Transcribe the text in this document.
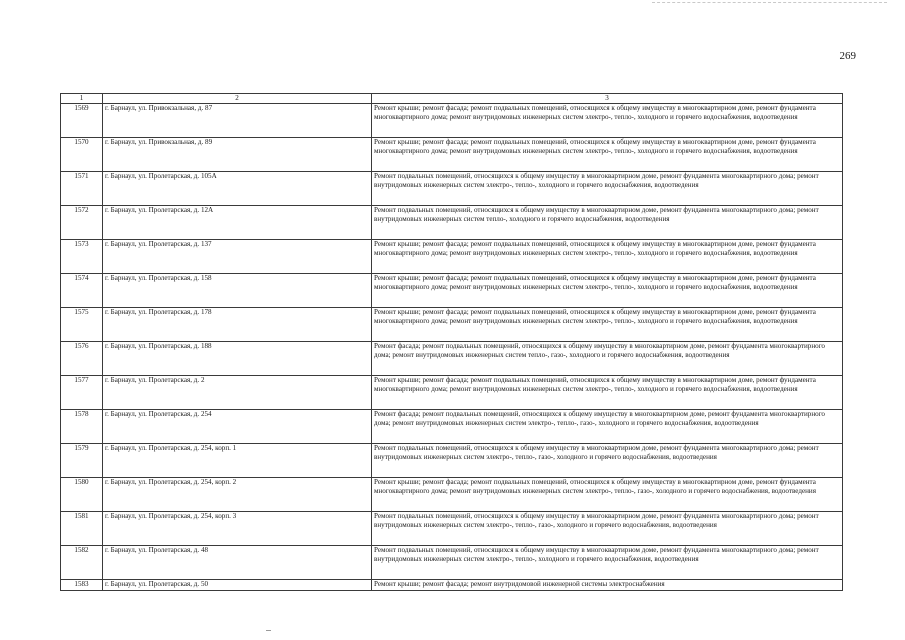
269
1	2	3
1569	г. Барнаул, ул. Привокзальная, д. 87	Ремонт крыши; ремонт фасада; ремонт подвальных помещений, относящихся к общему имуществу в многоквартирном доме, ремонт фундамента многоквартирного дома; ремонт внутридомовых инженерных систем электро-, тепло-, холодного и горячего водоснабжения, водоотведения
1570	г. Барнаул, ул. Привокзальная, д. 89	Ремонт крыши; ремонт фасада; ремонт подвальных помещений, относящихся к общему имуществу в многоквартирном доме, ремонт фундамента многоквартирного дома; ремонт внутридомовых инженерных систем электро-, тепло-, холодного и горячего водоснабжения, водоотведения
1571	г. Барнаул, ул. Пролетарская, д. 105А	Ремонт подвальных помещений, относящихся к общему имуществу в многоквартирном доме, ремонт фундамента многоквартирного дома; ремонт внутридомовых инженерных систем электро-, тепло-, холодного и горячего водоснабжения, водоотведения
1572	г. Барнаул, ул. Пролетарская, д. 12А	Ремонт подвальных помещений, относящихся к общему имуществу в многоквартирном доме, ремонт фундамента многоквартирного дома; ремонт внутридомовых инженерных систем тепло-, холодного и горячего водоснабжения, водоотведения
1573	г. Барнаул, ул. Пролетарская, д. 137	Ремонт крыши; ремонт фасада; ремонт подвальных помещений, относящихся к общему имуществу в многоквартирном доме, ремонт фундамента многоквартирного дома; ремонт внутридомовых инженерных систем электро-, тепло-, холодного и горячего водоснабжения, водоотведения
1574	г. Барнаул, ул. Пролетарская, д. 158	Ремонт крыши; ремонт фасада; ремонт подвальных помещений, относящихся к общему имуществу в многоквартирном доме, ремонт фундамента многоквартирного дома; ремонт внутридомовых инженерных систем электро-, тепло-, холодного и горячего водоснабжения, водоотведения
1575	г. Барнаул, ул. Пролетарская, д. 178	Ремонт крыши; ремонт фасада; ремонт подвальных помещений, относящихся к общему имуществу в многоквартирном доме, ремонт фундамента многоквартирного дома; ремонт внутридомовых инженерных систем электро-, тепло-, холодного и горячего водоснабжения, водоотведения
1576	г. Барнаул, ул. Пролетарская, д. 188	Ремонт фасада; ремонт подвальных помещений, относящихся к общему имуществу в многоквартирном доме, ремонт фундамента многоквартирного дома; ремонт внутридомовых инженерных систем тепло-, газо-, холодного и горячего водоснабжения, водоотведения
1577	г. Барнаул, ул. Пролетарская, д. 2	Ремонт крыши; ремонт фасада; ремонт подвальных помещений, относящихся к общему имуществу в многоквартирном доме, ремонт фундамента многоквартирного дома; ремонт внутридомовых инженерных систем электро-, тепло-, холодного и горячего водоснабжения, водоотведения
1578	г. Барнаул, ул. Пролетарская, д. 254	Ремонт фасада; ремонт подвальных помещений, относящихся к общему имуществу в многоквартирном доме, ремонт фундамента многоквартирного дома; ремонт внутридомовых инженерных систем электро-, тепло-, газо-, холодного и горячего водоснабжения, водоотведения
1579	г. Барнаул, ул. Пролетарская, д. 254, корп. 1	Ремонт подвальных помещений, относящихся к общему имуществу в многоквартирном доме, ремонт фундамента многоквартирного дома; ремонт внутридомовых инженерных систем электро-, тепло-, газо-, холодного и горячего водоснабжения, водоотведения
1580	г. Барнаул, ул. Пролетарская, д. 254, корп. 2	Ремонт крыши; ремонт фасада; ремонт подвальных помещений, относящихся к общему имуществу в многоквартирном доме, ремонт фундамента многоквартирного дома; ремонт внутридомовых инженерных систем электро-, тепло-, газо-, холодного и горячего водоснабжения, водоотведения
1581	г. Барнаул, ул. Пролетарская, д. 254, корп. 3	Ремонт подвальных помещений, относящихся к общему имуществу в многоквартирном доме, ремонт фундамента многоквартирного дома; ремонт внутридомовых инженерных систем электро-, тепло-, газо-, холодного и горячего водоснабжения, водоотведения
1582	г. Барнаул, ул. Пролетарская, д. 48	Ремонт подвальных помещений, относящихся к общему имуществу в многоквартирном доме, ремонт фундамента многоквартирного дома; ремонт внутридомовых инженерных систем электро-, тепло-, холодного и горячего водоснабжения, водоотведения
1583	г. Барнаул, ул. Пролетарская, д. 50	Ремонт крыши; ремонт фасада; ремонт внутридомовой инженерной системы электроснабжения
